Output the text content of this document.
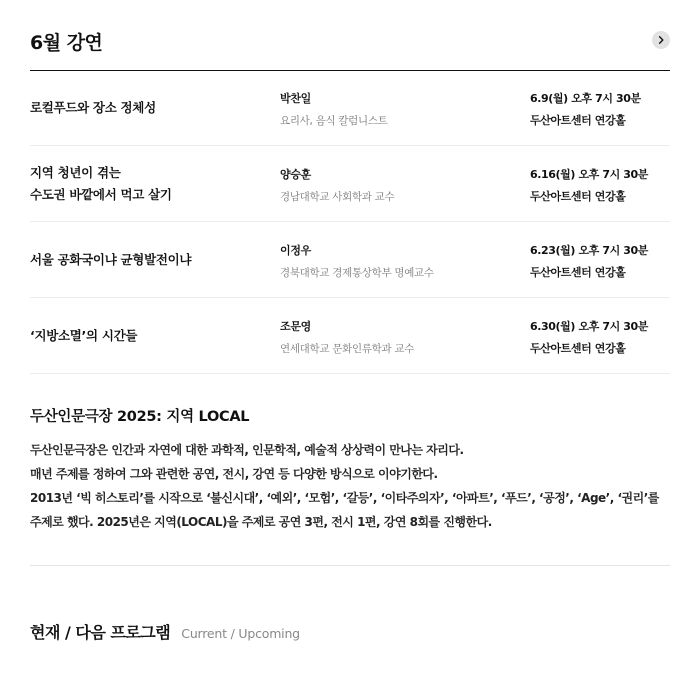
6월 강연
로컬푸드와 장소 정체성
박찬일
요리사, 음식 칼럼니스트
6.9(월) 오후 7시 30분
두산아트센터 연강홀
지역 청년이 겪는
수도권 바깥에서 먹고 살기
양승훈
경남대학교 사회학과 교수
6.16(월) 오후 7시 30분
두산아트센터 연강홀
서울 공화국이냐 균형발전이냐
이정우
경북대학교 경제통상학부 명예교수
6.23(월) 오후 7시 30분
두산아트센터 연강홀
‘지방소멸’의 시간들
조문영
연세대학교 문화인류학과 교수
6.30(월) 오후 7시 30분
두산아트센터 연강홀
두산인문극장 2025: 지역 LOCAL
두산인문극장은 인간과 자연에 대한 과학적, 인문학적, 예술적 상상력이 만나는 자리다.
매년 주제를 정하여 그와 관련한 공연, 전시, 강연 등 다양한 방식으로 이야기한다.
2013년 ‘빅 히스토리’를 시작으로 ‘불신시대’, ‘예외’, ‘모험’, ‘갈등’, ‘이타주의자’, ‘아파트’, ‘푸드’, ‘공정’, ‘Age’, ‘권리’를
주제로 했다. 2025년은 지역(LOCAL)을 주제로 공연 3편, 전시 1편, 강연 8회를 진행한다.
현재 / 다음 프로그램 Current / Upcoming
